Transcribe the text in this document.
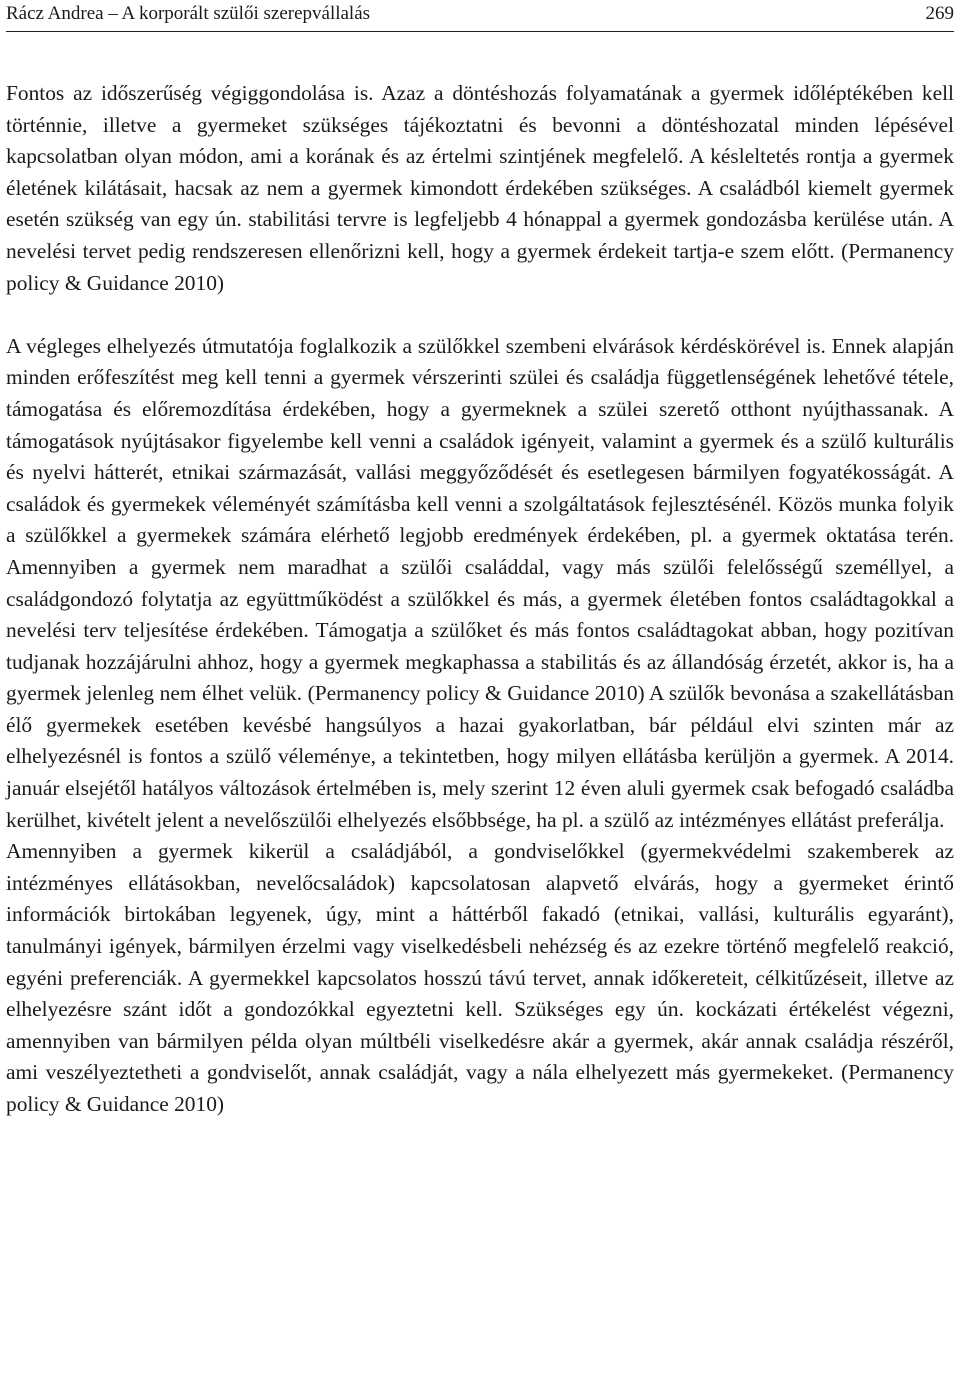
Rácz Andrea – A korporált szülői szerepvállalás	269

Fontos az időszerűség végiggondolása is. Azaz a döntéshozás folyamatának a gyermek időléptékében kell történnie, illetve a gyermeket szükséges tájékoztatni és bevonni a döntéshozatal minden lépésével kapcsolatban olyan módon, ami a korának és az értelmi szintjének megfelelő. A késleltetés rontja a gyermek életének kilátásait, hacsak az nem a gyermek kimondott érdekében szükséges. A családból kiemelt gyermek esetén szükség van egy ún. stabilitási tervre is legfeljebb 4 hónappal a gyermek gondozásba kerülése után. A nevelési tervet pedig rendszeresen ellenőrizni kell, hogy a gyermek érdekeit tartja-e szem előtt. (Permanency policy & Guidance 2010)

A végleges elhelyezés útmutatója foglalkozik a szülőkkel szembeni elvárások kérdéskörével is. Ennek alapján minden erőfeszítést meg kell tenni a gyermek vérszerinti szülei és családja függetlenségének lehetővé tétele, támogatása és előremozdítása érdekében, hogy a gyermeknek a szülei szerető otthont nyújthassanak. A támogatások nyújtásakor figyelembe kell venni a családok igényeit, valamint a gyermek és a szülő kulturális és nyelvi hátterét, etnikai származását, vallási meggyőződését és esetlegesen bármilyen fogyatékosságát. A családok és gyermekek véleményét számításba kell venni a szolgáltatások fejlesztésénél. Közös munka folyik a szülőkkel a gyermekek számára elérhető legjobb eredmények érdekében, pl. a gyermek oktatása terén. Amennyiben a gyermek nem maradhat a szülői családdal, vagy más szülői felelősségű személlyel, a családgondozó folytatja az együttműködést a szülőkkel és más, a gyermek életében fontos családtagokkal a nevelési terv teljesítése érdekében. Támogatja a szülőket és más fontos családtagokat abban, hogy pozitívan tudjanak hozzájárulni ahhoz, hogy a gyermek megkaphassa a stabilitás és az állandóság érzetét, akkor is, ha a gyermek jelenleg nem élhet velük. (Permanency policy & Guidance 2010) A szülők bevonása a szakellátásban élő gyermekek esetében kevésbé hangsúlyos a hazai gyakorlatban, bár például elvi szinten már az elhelyezésnél is fontos a szülő véleménye, a tekintetben, hogy milyen ellátásba kerüljön a gyermek. A 2014. január elsejétől hatályos változások értelmében is, mely szerint 12 éven aluli gyermek csak befogadó családba kerülhet, kivételt jelent a nevelőszülői elhelyezés elsőbbsége, ha pl. a szülő az intézményes ellátást preferálja.

Amennyiben a gyermek kikerül a családjából, a gondviselőkkel (gyermekvédelmi szakemberek az intézményes ellátásokban, nevelőcsaládok) kapcsolatosan alapvető elvárás, hogy a gyermeket érintő információk birtokában legyenek, úgy, mint a háttérből fakadó (etnikai, vallási, kulturális egyaránt), tanulmányi igények, bármilyen érzelmi vagy viselkedésbeli nehézség és az ezekre történő megfelelő reakció, egyéni preferenciák. A gyermekkel kapcsolatos hosszú távú tervet, annak időkereteit, célkitűzéseit, illetve az elhelyezésre szánt időt a gondozókkal egyeztetni kell. Szükséges egy ún. kockázati értékelést végezni, amennyiben van bármilyen példa olyan múltbéli viselkedésre akár a gyermek, akár annak családja részéről, ami veszélyeztetheti a gondviselőt, annak családját, vagy a nála elhelyezett más gyermekeket. (Permanency policy & Guidance 2010)
